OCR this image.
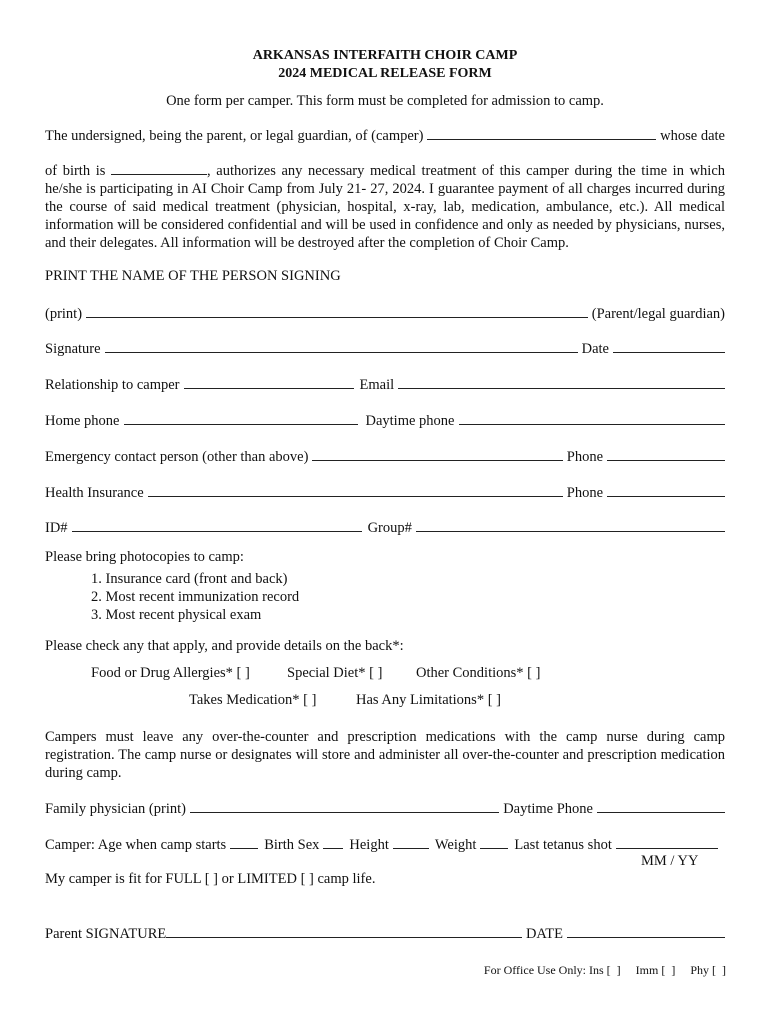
ARKANSAS INTERFAITH CHOIR CAMP
2024 MEDICAL RELEASE FORM
One form per camper. This form must be completed for admission to camp.
The undersigned, being the parent, or legal guardian, of (camper)	whose date
of birth is	, authorizes any necessary medical treatment of this camper during the time in which he/she is participating in AI Choir Camp from July 21- 27, 2024. I guarantee payment of all charges incurred during the course of said medical treatment (physician, hospital, x-ray, lab, medication, ambulance, etc.). All medical information will be considered confidential and will be used in confidence and only as needed by physicians, nurses, and their delegates. All information will be destroyed after the completion of Choir Camp.
PRINT THE NAME OF THE PERSON SIGNING
(print)	(Parent/legal guardian)
Signature	Date
Relationship to camper	Email
Home phone	Daytime phone
Emergency contact person (other than above)	Phone
Health Insurance	Phone
ID#	Group#
Please bring photocopies to camp:
1. Insurance card (front and back)
2. Most recent immunization record
3. Most recent physical exam
Please check any that apply, and provide details on the back*:
Food or Drug Allergies* [ ]	Special Diet* [ ] Other Conditions* [ ]
Takes Medication* [ ]	Has Any Limitations* [ ]
Campers must leave any over-the-counter and prescription medications with the camp nurse during camp registration. The camp nurse or designates will store and administer all over-the-counter and prescription medication during camp.
Family physician (print)	Daytime Phone
Camper: Age when camp starts	Birth Sex Height	Weight	Last tetanus shot
MM / YY
My camper is fit for FULL [ ] or LIMITED [ ] camp life.
Parent SIGNATURE	DATE
For Office Use Only: Ins [  ]     Imm [  ]     Phy [  ]
